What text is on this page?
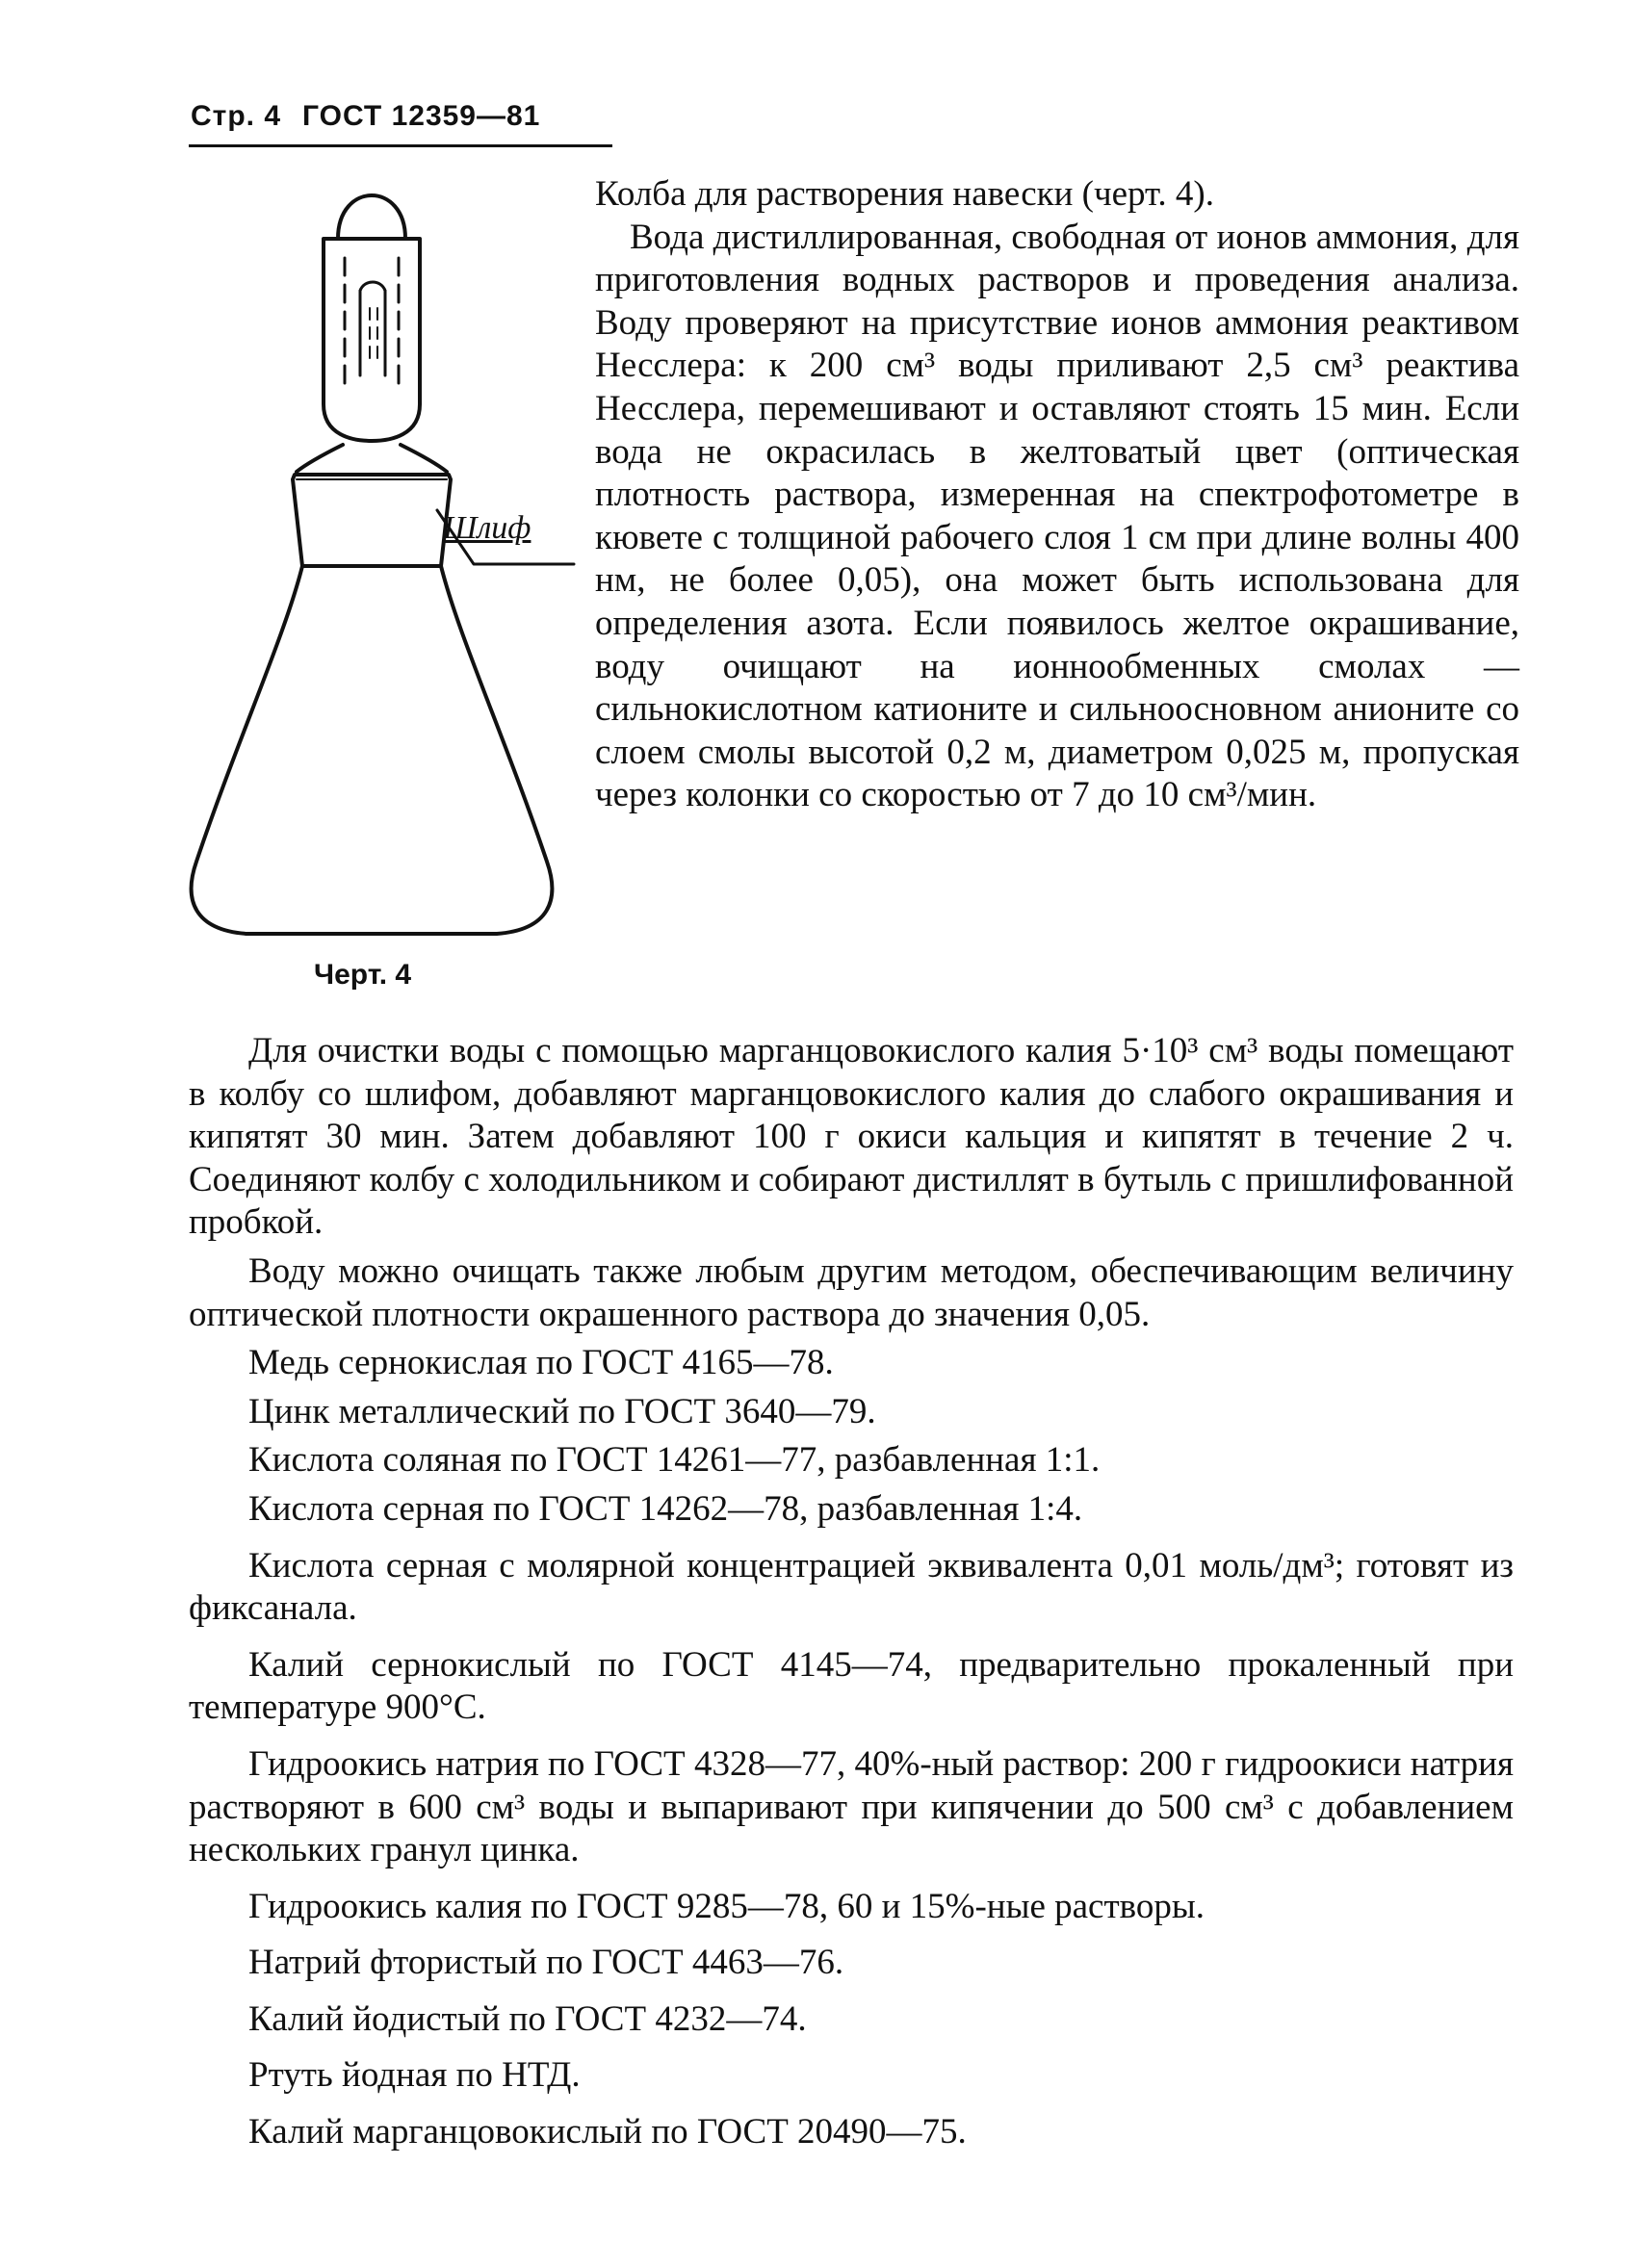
Стр. 4 ГОСТ 12359—81
Шлиф
Черт. 4

Колба для растворения навески (черт. 4).

Вода дистиллированная, свободная от ионов аммония, для приготовления водных растворов и проведения анализа. Воду проверяют на присутствие ионов аммония реактивом Несслера: к 200 см³ воды приливают 2,5 см³ реактива Несслера, перемешивают и оставляют стоять 15 мин. Если вода не окрасилась в желтоватый цвет (оптическая плотность раствора, измеренная на спектрофотометре в кювете с толщиной рабочего слоя 1 см при длине волны 400 нм, не более 0,05), она может быть использована для определения азота. Если появилось желтое окрашивание, воду очищают на ионнообменных смолах — сильнокислотном катионите и сильноосновном анионите со слоем смолы высотой 0,2 м, диаметром 0,025 м, пропуская через колонки со скоростью от 7 до 10 см³/мин.

Для очистки воды с помощью марганцовокислого калия 5·10³ см³ воды помещают в колбу со шлифом, добавляют марганцовокислого калия до слабого окрашивания и кипятят 30 мин. Затем добавляют 100 г окиси кальция и кипятят в течение 2 ч. Соединяют колбу с холодильником и собирают дистиллят в бутыль с пришлифованной пробкой.

Воду можно очищать также любым другим методом, обеспечивающим величину оптической плотности окрашенного раствора до значения 0,05.

Медь сернокислая по ГОСТ 4165—78.

Цинк металлический по ГОСТ 3640—79.

Кислота соляная по ГОСТ 14261—77, разбавленная 1:1.

Кислота серная по ГОСТ 14262—78, разбавленная 1:4.

Кислота серная с молярной концентрацией эквивалента 0,01 моль/дм³; готовят из фиксанала.

Калий сернокислый по ГОСТ 4145—74, предварительно прокаленный при температуре 900°С.

Гидроокись натрия по ГОСТ 4328—77, 40%-ный раствор: 200 г гидроокиси натрия растворяют в 600 см³ воды и выпаривают при кипячении до 500 см³ с добавлением нескольких гранул цинка.

Гидроокись калия по ГОСТ 9285—78, 60 и 15%-ные растворы.

Натрий фтористый по ГОСТ 4463—76.

Калий йодистый по ГОСТ 4232—74.

Ртуть йодная по НТД.

Калий марганцовокислый по ГОСТ 20490—75.
